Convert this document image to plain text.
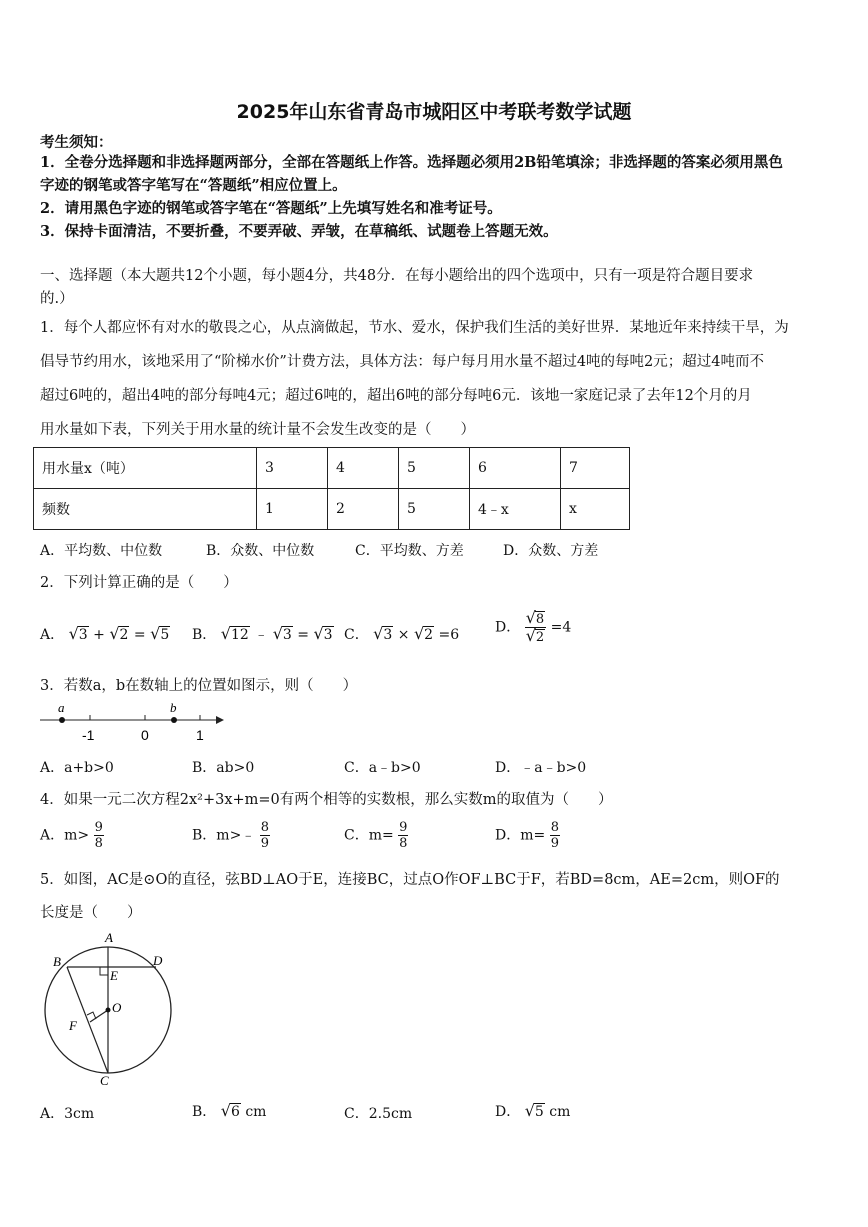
2025年山东省青岛市城阳区中考联考数学试题
考生须知：
1．全卷分选择题和非选择题两部分，全部在答题纸上作答。选择题必须用2B铅笔填涂；非选择题的答案必须用黑色
字迹的钢笔或答字笔写在“答题纸”相应位置上。
2．请用黑色字迹的钢笔或答字笔在“答题纸”上先填写姓名和准考证号。
3．保持卡面清洁，不要折叠，不要弄破、弄皱，在草稿纸、试题卷上答题无效。
一、选择题（本大题共12个小题，每小题4分，共48分．在每小题给出的四个选项中，只有一项是符合题目要求
的.）
1．每个人都应怀有对水的敬畏之心，从点滴做起，节水、爱水，保护我们生活的美好世界．某地近年来持续干旱，为
倡导节约用水，该地采用了“阶梯水价”计费方法，具体方法：每户每月用水量不超过4吨的每吨2元；超过4吨而不
超过6吨的，超出4吨的部分每吨4元；超过6吨的，超出6吨的部分每吨6元．该地一家庭记录了去年12个月的月
用水量如下表，下列关于用水量的统计量不会发生改变的是（　　）
用水量x（吨）	3	4	5	6	7
频数	1	2	5	4﹣x	x
A．平均数、中位数	B．众数、中位数	C．平均数、方差	D．众数、方差
2．下列计算正确的是（　　）
A． √3 + √2 = √5 B． √12 ﹣ √3 = √3 C． √3 × √2 =6	D． $\frac{√8}{√2} =4$
3．若数a，b在数轴上的位置如图示，则（　　）
a	b
-1	0	1
A．a+b>0	B．ab>0	C．a﹣b>0	D．﹣a﹣b>0
4．如果一元二次方程2x²+3x+m=0有两个相等的实数根，那么实数m的取值为（　　）
A．$m> \frac{9}{8}$	B．m>﹣ $\frac{8}{9}$	C．$m= \frac{9}{8}$	D．$m= \frac{8}{9}$
5．如图，AC是⊙O的直径，弦BD⊥AO于E，连接BC，过点O作OF⊥BC于F，若BD=8cm，AE=2cm，则OF的
长度是（　　）
A
B	D
E
O
F
C
A．3cm	B． √6 cm	C．2.5cm	D． √5 cm
